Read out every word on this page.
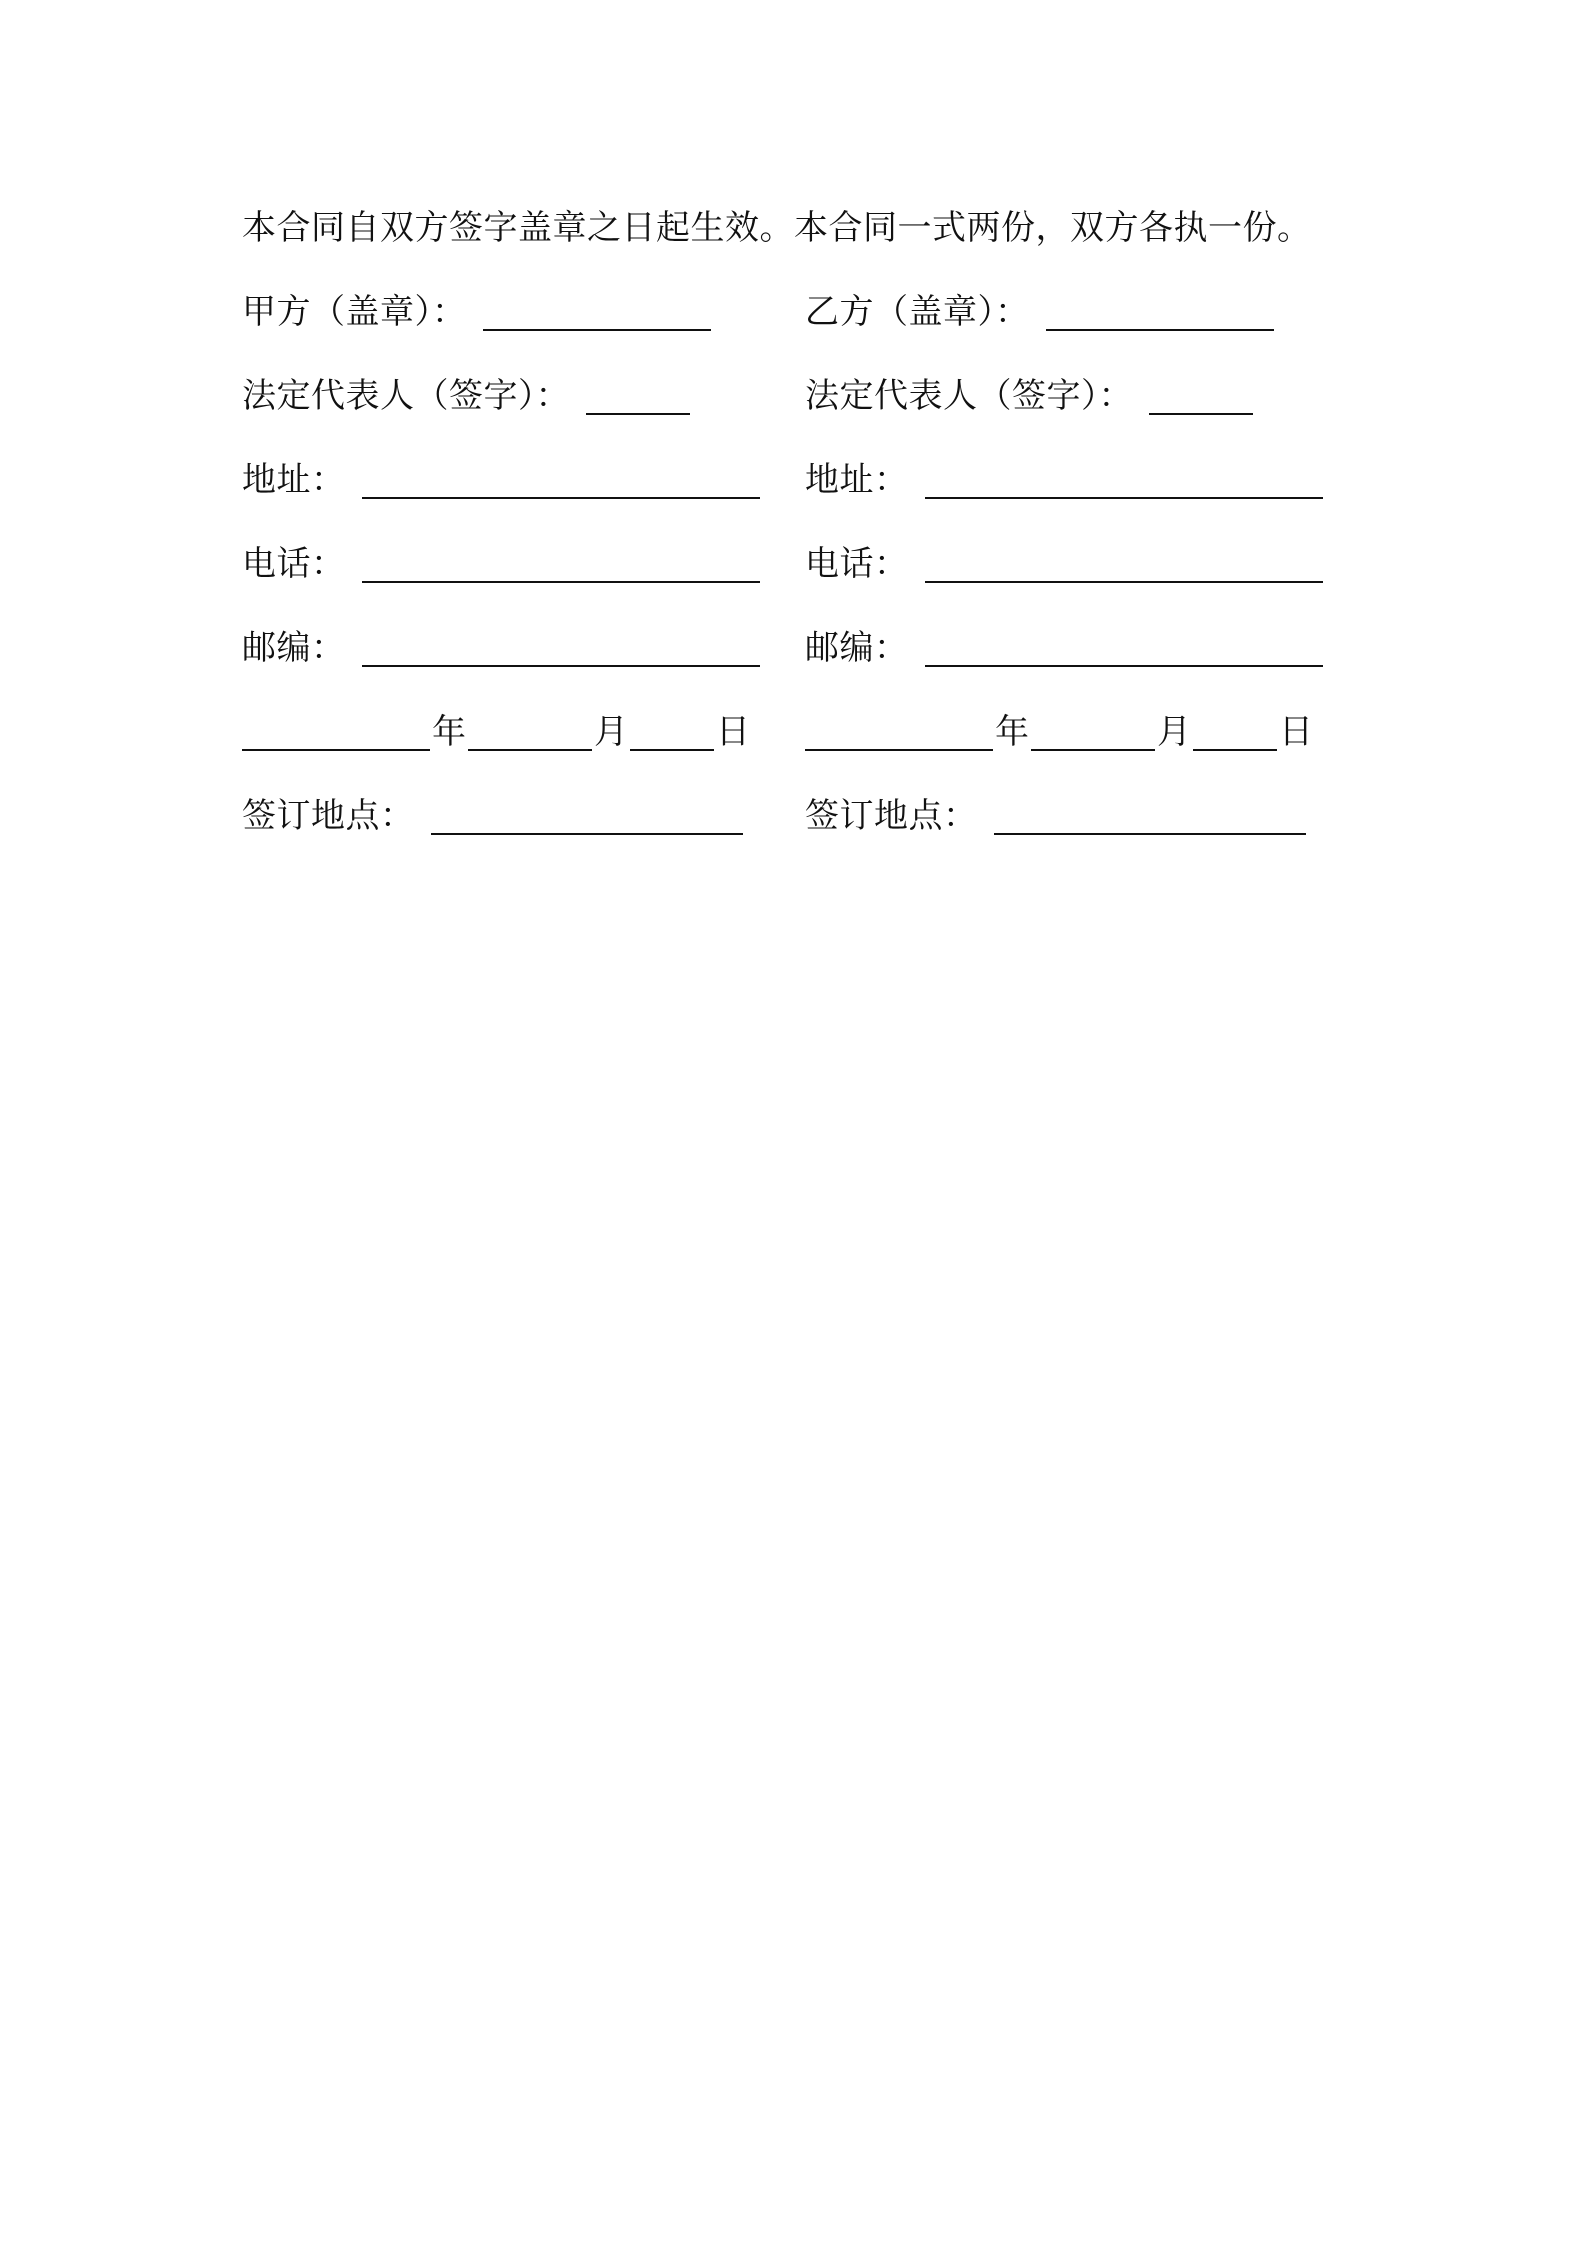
本合同自双方签字盖章之日起生效。本合同一式两份，双方各执一份。

甲方（盖章）：	乙方（盖章）：
法定代表人（签字）：	法定代表人（签字）：
地址：	地址：
电话：	电话：
邮编：	邮编：
年	月	日	年	月	日
签订地点：	签订地点：
